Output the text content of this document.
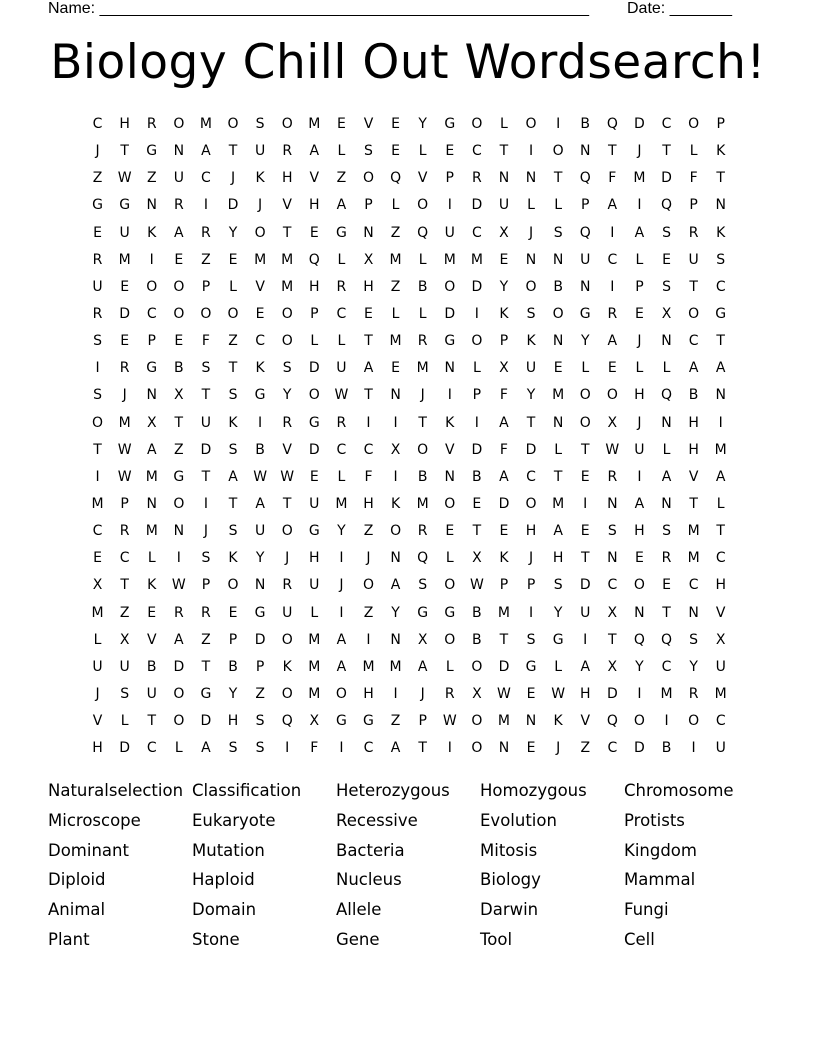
Name: _______________________________________________________ Date: _______
Biology Chill Out Wordsearch!
C	H	R	O	M	O	S	O	M	E	V	E	Y	G	O	L	O	I	B	Q	D	C	O	P
J	T	G	N	A	T	U	R	A	L	S	E	L	E	C	T	I	O	N	T	J	T	L	K
Z	W	Z	U	C	J	K	H	V	Z	O	Q	V	P	R	N	N	T	Q	F	M	D	F	T
G	G	N	R	I	D	J	V	H	A	P	L	O	I	D	U	L	L	P	A	I	Q	P	N
E	U	K	A	R	Y	O	T	E	G	N	Z	Q	U	C	X	J	S	Q	I	A	S	R	K
R	M	I	E	Z	E	M	M	Q	L	X	M	L	M	M	E	N	N	U	C	L	E	U	S
U	E	O	O	P	L	V	M	H	R	H	Z	B	O	D	Y	O	B	N	I	P	S	T	C
R	D	C	O	O	O	E	O	P	C	E	L	L	D	I	K	S	O	G	R	E	X	O	G
S	E	P	E	F	Z	C	O	L	L	T	M	R	G	O	P	K	N	Y	A	J	N	C	T
I	R	G	B	S	T	K	S	D	U	A	E	M	N	L	X	U	E	L	E	L	L	A	A
S	J	N	X	T	S	G	Y	O	W	T	N	J	I	P	F	Y	M	O	O	H	Q	B	N
O	M	X	T	U	K	I	R	G	R	I	I	T	K	I	A	T	N	O	X	J	N	H	I
T	W	A	Z	D	S	B	V	D	C	C	X	O	V	D	F	D	L	T	W	U	L	H	M
I	W	M	G	T	A	W W	E	L	F	I	B	N	B	A	C	T	E	R	I	A	V	A
M	P	N	O	I	T	A	T	U	M	H	K	M	O	E	D	O	M	I	N	A	N	T	L
C	R	M	N	J	S	U	O	G	Y	Z	O	R	E	T	E	H	A	E	S	H	S	M	T
E	C	L	I	S	K	Y	J	H	I	J	N	Q	L	X	K	J	H	T	N	E	R	M	C
X	T	K	W	P	O	N	R	U	J	O	A	S	O	W	P	P	S	D	C	O	E	C	H
M	Z	E	R	R	E	G	U	L	I	Z	Y	G	G	B	M	I	Y	U	X	N	T	N	V
L	X	V	A	Z	P	D	O	M	A	I	N	X	O	B	T	S	G	I	T	Q	Q	S	X
U	U	B	D	T	B	P	K	M	A	M	M	A	L	O	D	G	L	A	X	Y	C	Y	U
J	S	U	O	G	Y	Z	O	M	O	H	I	J	R	X	W	E	W	H	D	I	M	R	M
V	L	T	O	D	H	S	Q	X	G	G	Z	P	W	O	M	N	K	V	Q	O	I	O	C
H	D	C	L	A	S	S	I	F	I	C	A	T	I	O	N	E	J	Z	C	D	B	I	U
Naturalselection Classification	Heterozygous	Homozygous	Chromosome
Microscope	Eukaryote	Recessive	Evolution	Protists
Dominant	Mutation	Bacteria	Mitosis	Kingdom
Diploid	Haploid	Nucleus	Biology	Mammal
Animal	Domain	Allele	Darwin	Fungi
Plant	Stone	Gene	Tool	Cell
